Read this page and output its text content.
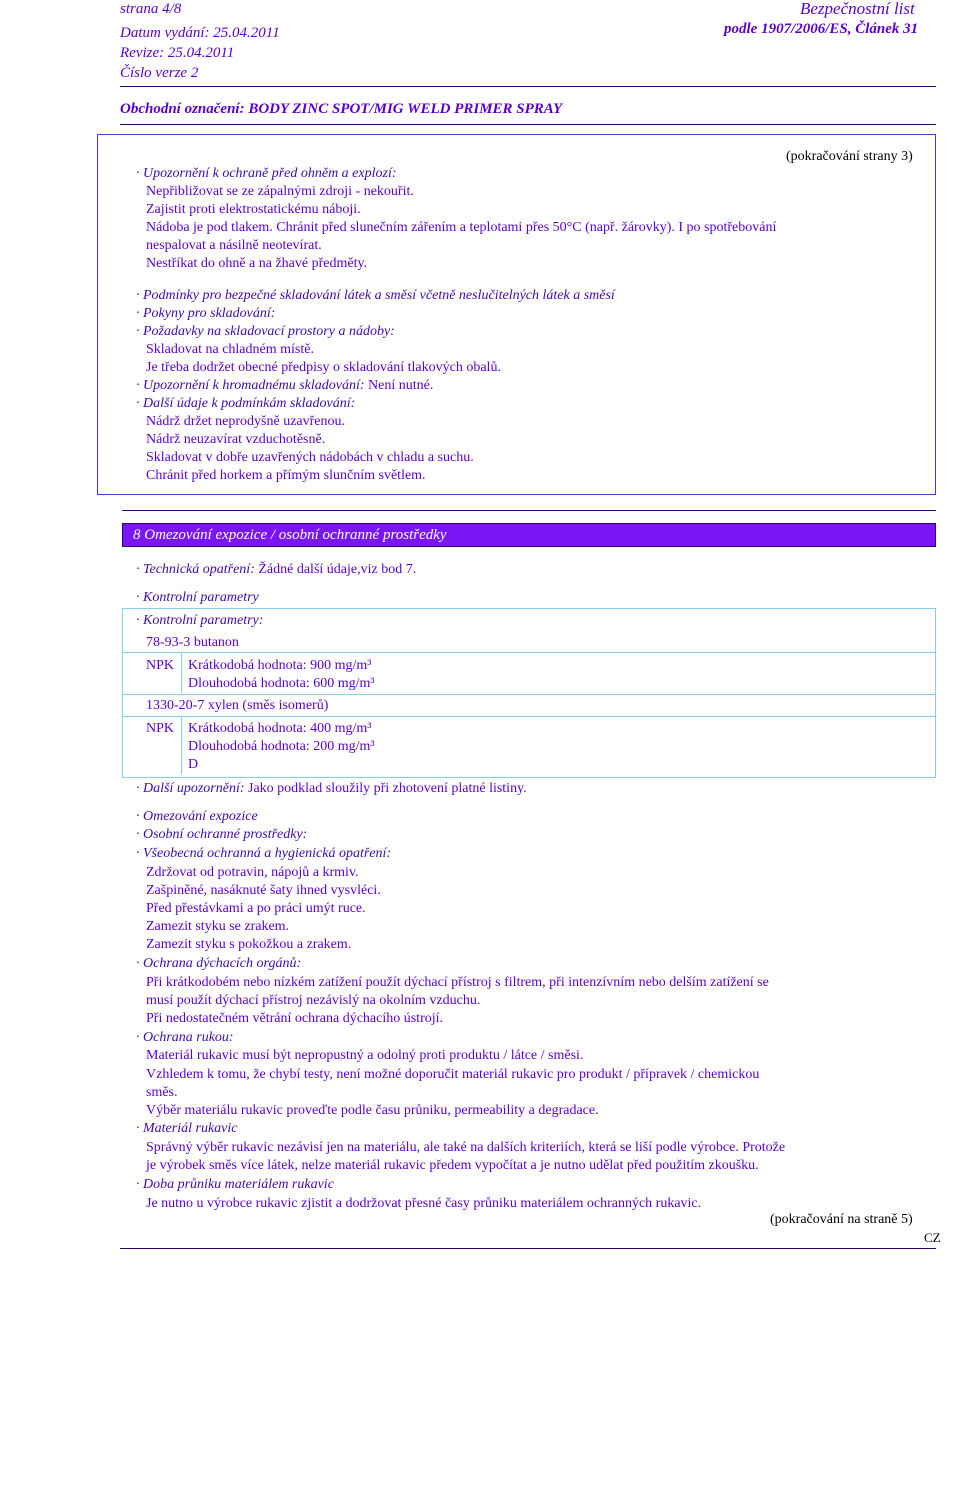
strana 4/8
Datum vydání: 25.04.2011
Revize: 25.04.2011
Číslo verze 2
Bezpečnostní list
podle 1907/2006/ES, Článek 31
Obchodní označení: BODY ZINC SPOT/MIG WELD PRIMER SPRAY
(pokračování strany 3)
· Upozornění k ochraně před ohněm a explozí:
Nepřibližovat se ze zápalnými zdroji - nekouřit.
Zajistit proti elektrostatickému náboji.
Nádoba je pod tlakem. Chránit před slunečním zářením a teplotami přes 50°C (např. žárovky). I po spotřebování
nespalovat a násilně neotevírat.
Nestříkat do ohně a na žhavé předměty.
· Podmínky pro bezpečné skladování látek a směsí včetně neslučitelných látek a směsí
· Pokyny pro skladování:
· Požadavky na skladovací prostory a nádoby:
Skladovat na chladném místě.
Je třeba dodržet obecné předpisy o skladování tlakových obalů.
· Upozornění k hromadnému skladování: Není nutné.
· Další údaje k podmínkám skladování:
Nádrž držet neprodyšně uzavřenou.
Nádrž neuzavírat vzduchotěsně.
Skladovat v dobře uzavřených nádobách v chladu a suchu.
Chránit před horkem a přímým slunčním světlem.
8 Omezování expozice / osobní ochranné prostředky
· Technická opatření: Žádné další údaje,viz bod 7.
· Kontrolní parametry
· Kontrolní parametry:
78-93-3 butanon
NPK Krátkodobá hodnota: 900 mg/m³
Dlouhodobá hodnota: 600 mg/m³
1330-20-7 xylen (směs isomerů)
NPK Krátkodobá hodnota: 400 mg/m³
Dlouhodobá hodnota: 200 mg/m³
D
· Další upozornění: Jako podklad sloužily při zhotovení platné listiny.
· Omezování expozice
· Osobní ochranné prostředky:
· Všeobecná ochranná a hygienická opatření:
Zdržovat od potravin, nápojů a krmiv.
Zašpiněné, nasáknuté šaty ihned vysvléci.
Před přestávkami a po práci umýt ruce.
Zamezit styku se zrakem.
Zamezit styku s pokožkou a zrakem.
· Ochrana dýchacích orgánů:
Při krátkodobém nebo nízkém zatížení použít dýchací přístroj s filtrem, při intenzívním nebo delším zatížení se
musí použít dýchací přístroj nezávislý na okolním vzduchu.
Při nedostatečném větrání ochrana dýchacího ústrojí.
· Ochrana rukou:
Materiál rukavic musí být nepropustný a odolný proti produktu / látce / směsi.
Vzhledem k tomu, že chybí testy, není možné doporučit materiál rukavic pro produkt / přípravek / chemickou
směs.
Výběr materiálu rukavic proveďte podle času průniku, permeability a degradace.
· Materiál rukavic
Správný výběr rukavic nezávisí jen na materiálu, ale také na dalších kriteriích, která se liší podle výrobce. Protože
je výrobek směs více látek, nelze materiál rukavic předem vypočítat a je nutno udělat před použitím zkoušku.
· Doba průniku materiálem rukavic
Je nutno u výrobce rukavic zjistit a dodržovat přesné časy průniku materiálem ochranných rukavic.
(pokračování na straně 5)
CZ
